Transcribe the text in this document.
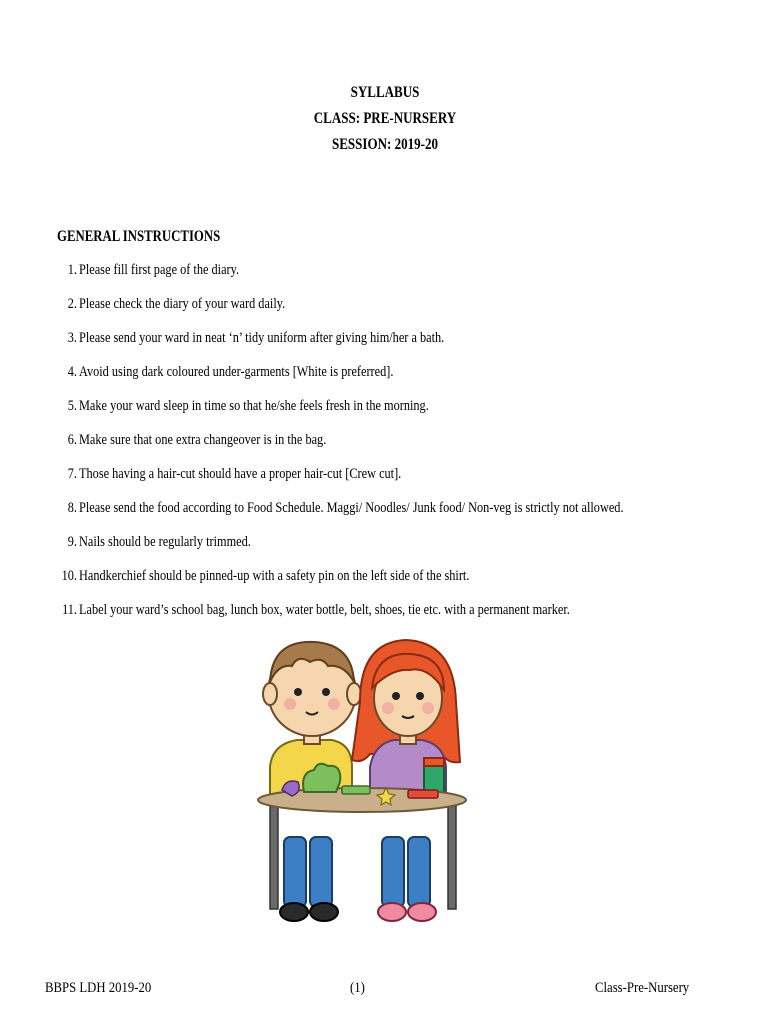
SYLLABUS
CLASS: PRE-NURSERY
SESSION: 2019-20
GENERAL INSTRUCTIONS
1. Please fill first page of the diary.
2. Please check the diary of your ward daily.
3. Please send your ward in neat ‘n’ tidy uniform after giving him/her a bath.
4. Avoid using dark coloured under-garments [White is preferred].
5. Make your ward sleep in time so that he/she feels fresh in the morning.
6. Make sure that one extra changeover is in the bag.
7. Those having a hair-cut should have a proper hair-cut [Crew cut].
8. Please send the food according to Food Schedule. Maggi/ Noodles/ Junk food/ Non-veg is strictly not allowed.
9. Nails should be regularly trimmed.
10. Handkerchief should be pinned-up with a safety pin on the left side of the shirt.
11. Label your ward’s school bag, lunch box, water bottle, belt, shoes, tie etc. with a permanent marker.
BBPS LDH 2019-20	(1)	Class-Pre-Nursery
